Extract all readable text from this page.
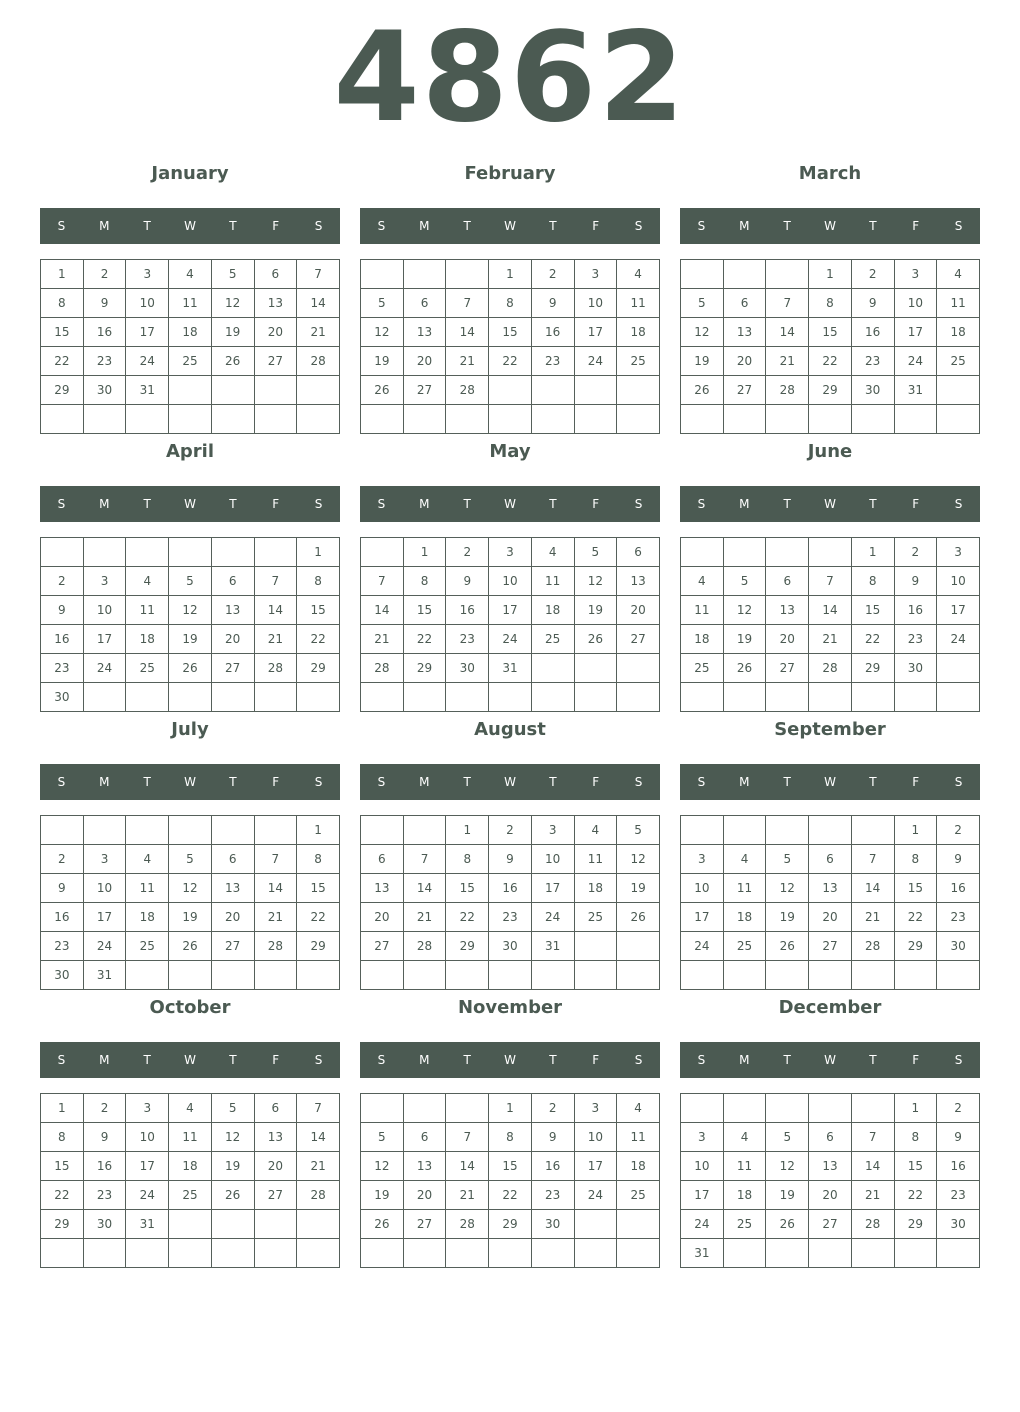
4862
January
S	M	T	W	T	F	S
1	2	3	4	5	6	7
8	9	10	11	12	13	14
15	16	17	18	19	20	21
22	23	24	25	26	27	28
29	30	31				

February
S	M	T	W	T	F	S
			1	2	3	4
5	6	7	8	9	10	11
12	13	14	15	16	17	18
19	20	21	22	23	24	25
26	27	28				

March
S	M	T	W	T	F	S
			1	2	3	4
5	6	7	8	9	10	11
12	13	14	15	16	17	18
19	20	21	22	23	24	25
26	27	28	29	30	31	

April
S	M	T	W	T	F	S
						1
2	3	4	5	6	7	8
9	10	11	12	13	14	15
16	17	18	19	20	21	22
23	24	25	26	27	28	29
30						
May
S	M	T	W	T	F	S
	1	2	3	4	5	6
7	8	9	10	11	12	13
14	15	16	17	18	19	20
21	22	23	24	25	26	27
28	29	30	31			

June
S	M	T	W	T	F	S
				1	2	3
4	5	6	7	8	9	10
11	12	13	14	15	16	17
18	19	20	21	22	23	24
25	26	27	28	29	30	

July
S	M	T	W	T	F	S
						1
2	3	4	5	6	7	8
9	10	11	12	13	14	15
16	17	18	19	20	21	22
23	24	25	26	27	28	29
30	31					
August
S	M	T	W	T	F	S
		1	2	3	4	5
6	7	8	9	10	11	12
13	14	15	16	17	18	19
20	21	22	23	24	25	26
27	28	29	30	31		

September
S	M	T	W	T	F	S
					1	2
3	4	5	6	7	8	9
10	11	12	13	14	15	16
17	18	19	20	21	22	23
24	25	26	27	28	29	30

October
S	M	T	W	T	F	S
1	2	3	4	5	6	7
8	9	10	11	12	13	14
15	16	17	18	19	20	21
22	23	24	25	26	27	28
29	30	31				

November
S	M	T	W	T	F	S
			1	2	3	4
5	6	7	8	9	10	11
12	13	14	15	16	17	18
19	20	21	22	23	24	25
26	27	28	29	30		

December
S	M	T	W	T	F	S
					1	2
3	4	5	6	7	8	9
10	11	12	13	14	15	16
17	18	19	20	21	22	23
24	25	26	27	28	29	30
31						
